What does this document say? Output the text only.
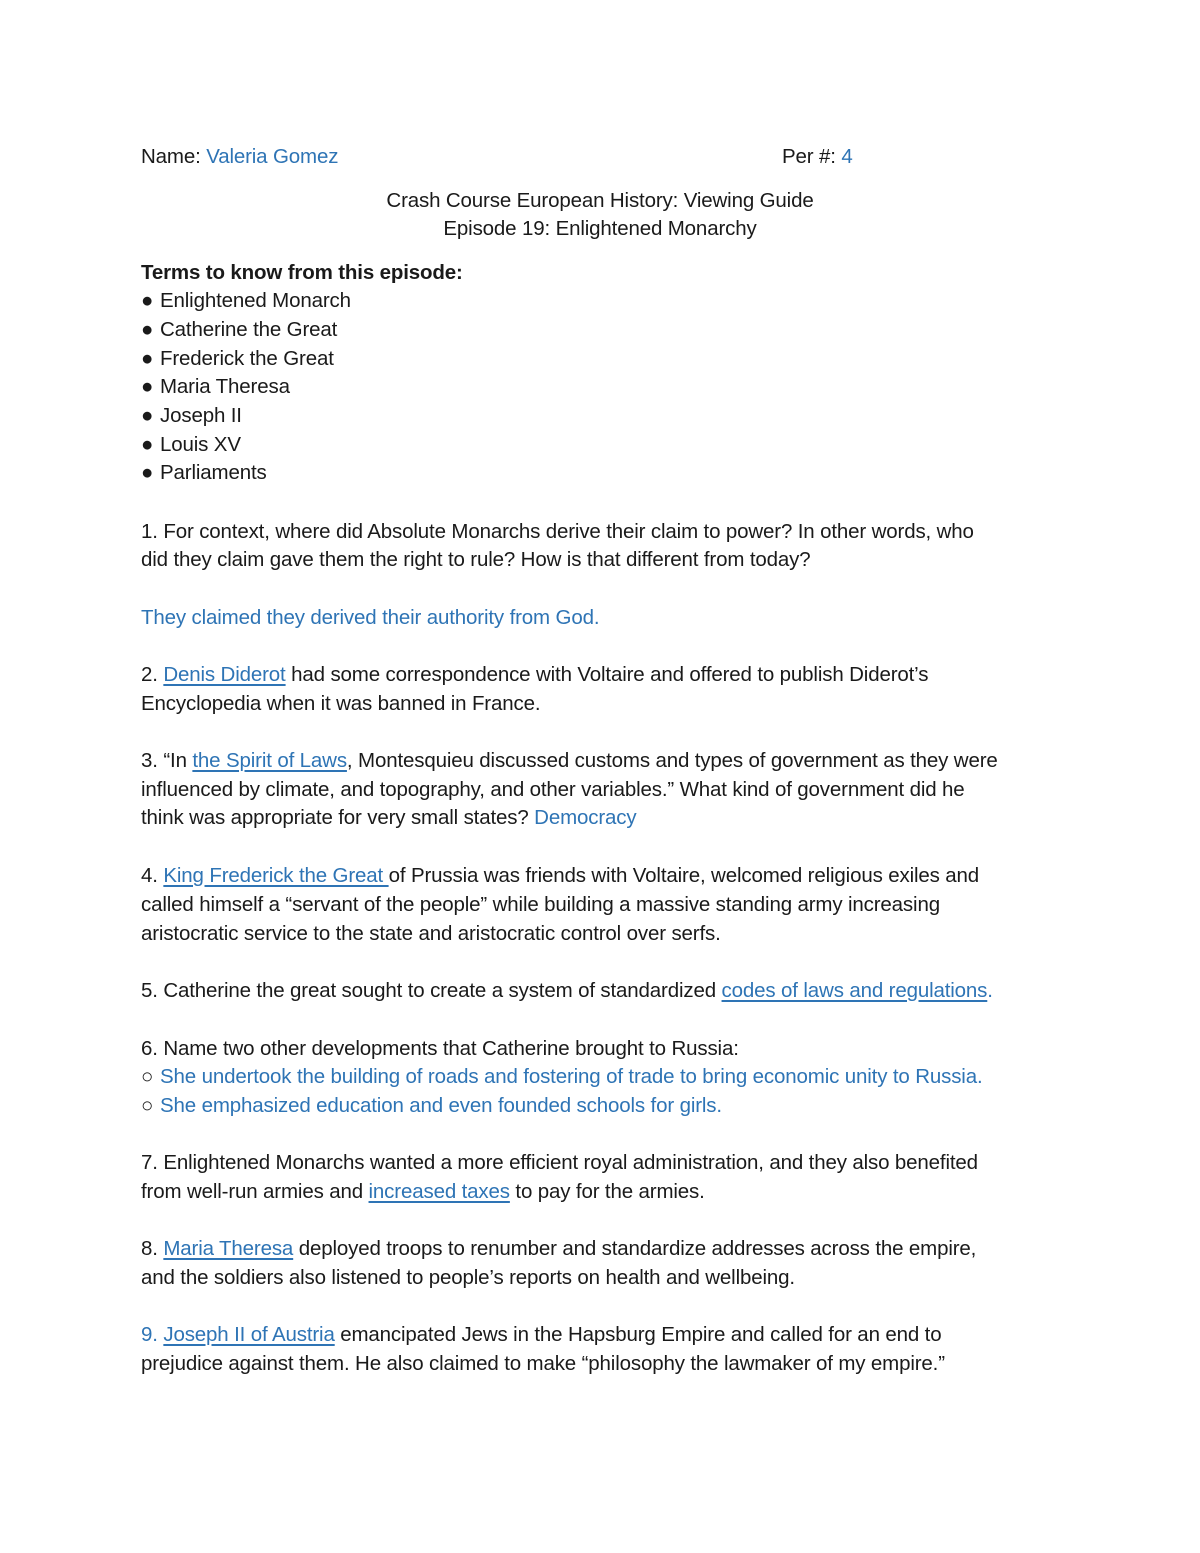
Name: Valeria Gomez	Per #: 4
Crash Course European History: Viewing Guide
Episode 19: Enlightened Monarchy
Terms to know from this episode:
● Enlightened Monarch
● Catherine the Great
● Frederick the Great
● Maria Theresa
● Joseph II
● Louis XV
● Parliaments
1. For context, where did Absolute Monarchs derive their claim to power? In other words, who
did they claim gave them the right to rule? How is that different from today?
They claimed they derived their authority from God.
2. Denis Diderot had some correspondence with Voltaire and offered to publish Diderot’s
Encyclopedia when it was banned in France.
3. “In the Spirit of Laws, Montesquieu discussed customs and types of government as they were
influenced by climate, and topography, and other variables.” What kind of government did he
think was appropriate for very small states? Democracy
4. King Frederick the Great of Prussia was friends with Voltaire, welcomed religious exiles and
called himself a “servant of the people” while building a massive standing army increasing
aristocratic service to the state and aristocratic control over serfs.
5. Catherine the great sought to create a system of standardized codes of laws and regulations.
6. Name two other developments that Catherine brought to Russia:
○ She undertook the building of roads and fostering of trade to bring economic unity to Russia.
○ She emphasized education and even founded schools for girls.
7. Enlightened Monarchs wanted a more efficient royal administration, and they also benefited
from well-run armies and increased taxes to pay for the armies.
8. Maria Theresa deployed troops to renumber and standardize addresses across the empire,
and the soldiers also listened to people’s reports on health and wellbeing.
9. Joseph II of Austria emancipated Jews in the Hapsburg Empire and called for an end to
prejudice against them. He also claimed to make “philosophy the lawmaker of my empire.”
